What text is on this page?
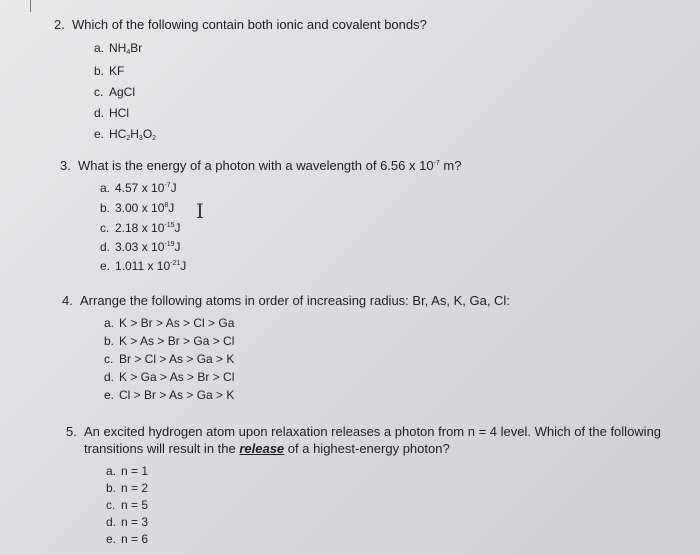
2. Which of the following contain both ionic and covalent bonds?
a. $NH_4Br$
b. KF
c. AgCl
d. HCl
e. $HC_2H_3O_2$
3. What is the energy of a photon with a wavelength of 6.56 x $10^{-7}$ m?
a. 4.57 x $10^{-7}J$
b. 3.00 x $10^8J$
c. 2.18 x $10^{-15}J$
d. 3.03 x $10^{-19}J$
e. 1.011 x $10^{-21}J$
I
4. Arrange the following atoms in order of increasing radius: Br, As, K, Ga, Cl:
a. K > Br > As > Cl > Ga
b. K > As > Br > Ga > Cl
c. Br > Cl > As > Ga > K
d. K > Ga > As > Br > Cl
e. Cl > Br > As > Ga > K
5. An excited hydrogen atom upon relaxation releases a photon from n = 4 level. Which of the following
transitions will result in the release of a highest-energy photon?
a. n = 1
b. n = 2
c. n = 5
d. n = 3
e. n = 6
